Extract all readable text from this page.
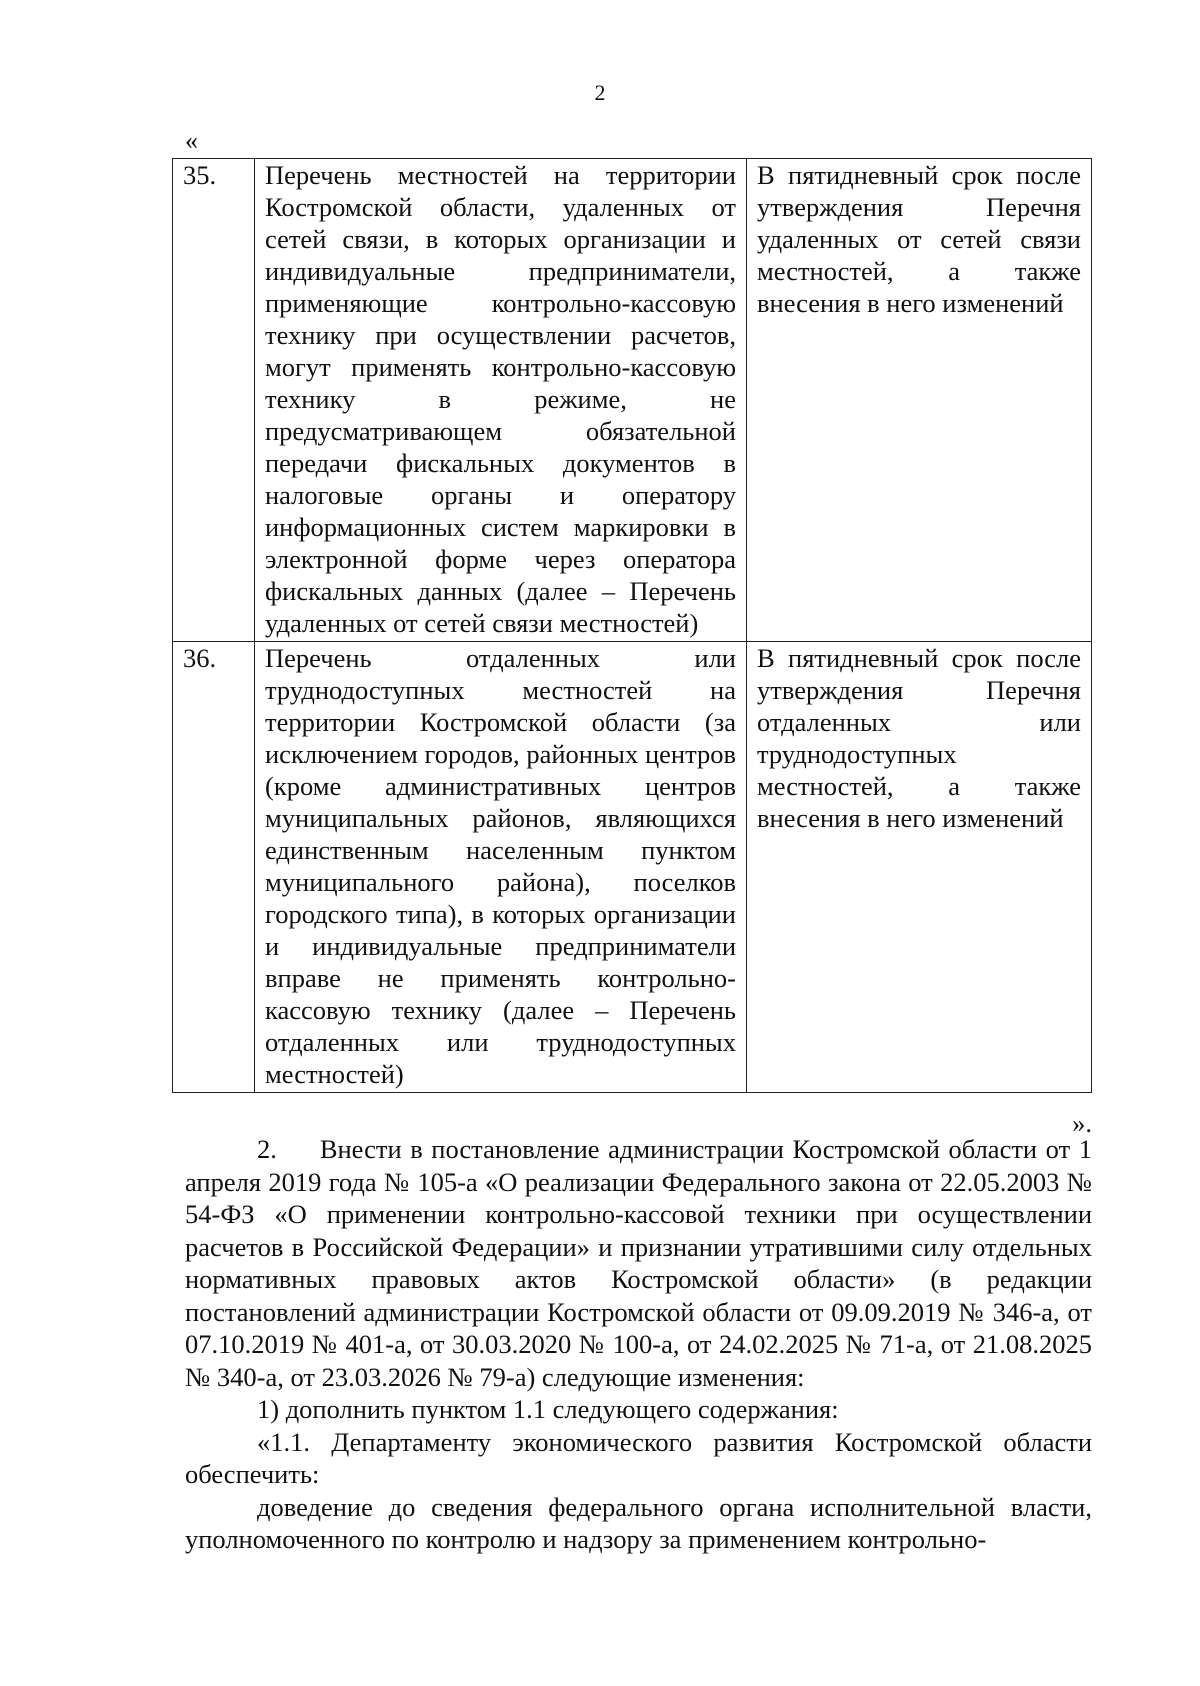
2
«
35.	Перечень местностей на территории Костромской области, удаленных от сетей связи, в которых организации и индивидуальные предприниматели, применяющие контрольно-кассовую технику при осуществлении расчетов, могут применять контрольно-кассовую технику в режиме, не предусматривающем обязательной передачи фискальных документов в налоговые органы и оператору информационных систем маркировки в электронной форме через оператора фискальных данных (далее – Перечень удаленных от сетей связи местностей)	В пятидневный срок после утверждения Перечня удаленных от сетей связи местностей, а также внесения в него изменений
36.	Перечень отдаленных или труднодоступных местностей на территории Костромской области (за исключением городов, районных центров (кроме административных центров муниципальных районов, являющихся единственным населенным пунктом муниципального района), поселков городского типа), в которых организации и индивидуальные предприниматели вправе не применять контрольно-кассовую технику (далее – Перечень отдаленных или труднодоступных местностей)	В пятидневный срок после утверждения Перечня отдаленных или труднодоступных местностей, а также внесения в него изменений
».

2.     Внести в постановление администрации Костромской области от 1 апреля 2019 года № 105-а «О реализации Федерального закона от 22.05.2003 № 54-ФЗ «О применении контрольно-кассовой техники при осуществлении расчетов в Российской Федерации» и признании утратившими силу отдельных нормативных правовых актов Костромской области» (в редакции постановлений администрации Костромской области от 09.09.2019 № 346-а, от 07.10.2019 № 401-а, от 30.03.2020 № 100-а, от 24.02.2025 № 71-а, от 21.08.2025 № 340-а, от 23.03.2026 № 79-а) следующие изменения:

1) дополнить пунктом 1.1 следующего содержания:

«1.1. Департаменту экономического развития Костромской области обеспечить:

доведение до сведения федерального органа исполнительной власти, уполномоченного по контролю и надзору за применением контрольно-
